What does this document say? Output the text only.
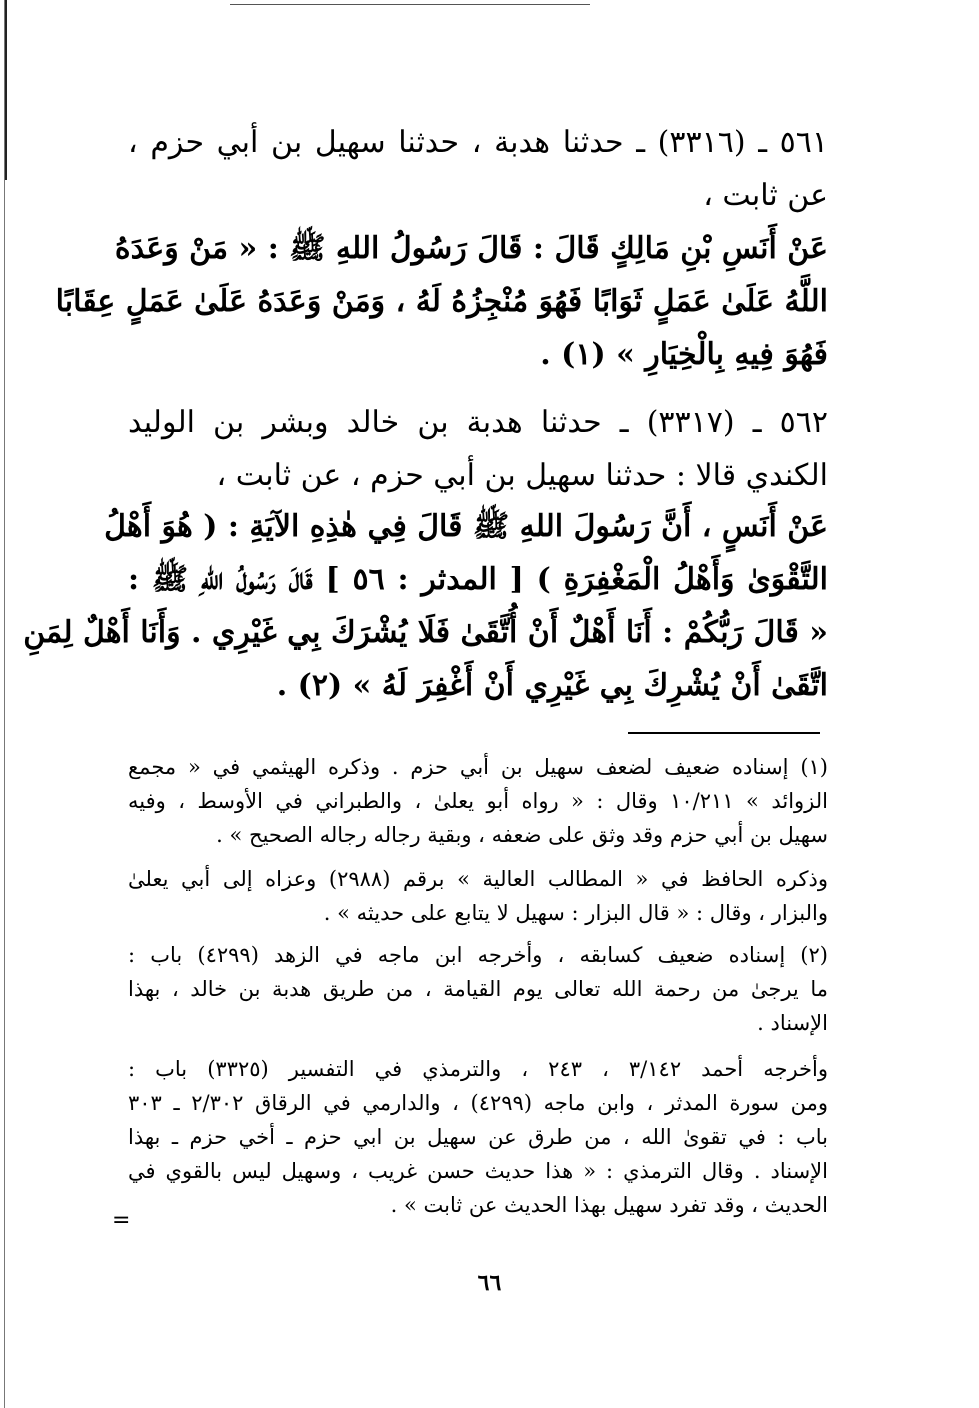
٥٦١ ـ (٣٣١٦) ـ حدثنا هدبة ، حدثنا سهيل بن أبي حزم ،
عن ثابت ،
عَنْ أَنَسِ بْنِ مَالِكٍ قَالَ : قَالَ رَسُولُ اللهِ ﷺ : « مَنْ وَعَدَهُ
اللَّهُ عَلَىٰ عَمَلٍ ثَوَابًا فَهُوَ مُنْجِزُهُ لَهُ ، وَمَنْ وَعَدَهُ عَلَىٰ عَمَلٍ عِقَابًا
فَهُوَ فِيهِ بِالْخِيَارِ » (١) .
٥٦٢ ـ (٣٣١٧) ـ حدثنا هدبة بن خالد وبشر بن الوليد
الكندي قالا : حدثنا سهيل بن أبي حزم ، عن ثابت ،
عَنْ أَنَسٍ ، أَنَّ رَسُولَ اللهِ ﷺ قَالَ فِي هٰذِهِ الآيَةِ : ( هُوَ أَهْلُ
التَّقْوَىٰ وَأَهْلُ الْمَغْفِرَةِ ) [ المدثر : ٥٦ ] قَالَ رَسُولُ اللهِ ﷺ :
« قَالَ رَبُّكُمْ : أَنَا أَهْلٌ أَنْ أُتَّقَىٰ فَلَا يُشْرَكَ بِي غَيْرِي . وَأَنَا أَهْلٌ لِمَنِ
اتَّقَىٰ أَنْ يُشْرِكَ بِي غَيْرِي أَنْ أَغْفِرَ لَهُ » (٢) .
(١) إسناده ضعيف لضعف سهيل بن أبي حزم . وذكره الهيثمي في « مجمع
الزوائد » ١٠/٢١١ وقال : « رواه أبو يعلىٰ ، والطبراني في الأوسط ، وفيه
سهيل بن أبي حزم وقد وثق على ضعفه ، وبقية رجاله رجاله الصحيح » .
وذكره الحافظ في « المطالب العالية » برقم (٢٩٨٨) وعزاه إلى أبي يعلىٰ
والبزار ، وقال : « قال البزار : سهيل لا يتابع على حديثه » .
(٢) إسناده ضعيف كسابقه ، وأخرجه ابن ماجه في الزهد (٤٢٩٩) باب :
ما يرجىٰ من رحمة الله تعالى يوم القيامة ، من طريق هدبة بن خالد ، بهذا
الإسناد .
وأخرجه أحمد ٣/١٤٢ ، ٢٤٣ ، والترمذي في التفسير (٣٣٢٥) باب :
ومن سورة المدثر ، وابن ماجه (٤٢٩٩) ، والدارمي في الرقاق ٢/٣٠٢ ـ ٣٠٣
باب : في تقوىٰ الله ، من طرق عن سهيل بن ابي حزم ـ أخي حزم ـ بهذا
الإسناد . وقال الترمذي : « هذا حديث حسن غريب ، وسهيل ليس بالقوي في
الحديث ، وقد تفرد سهيل بهذا الحديث عن ثابت » .
=
٦٦
